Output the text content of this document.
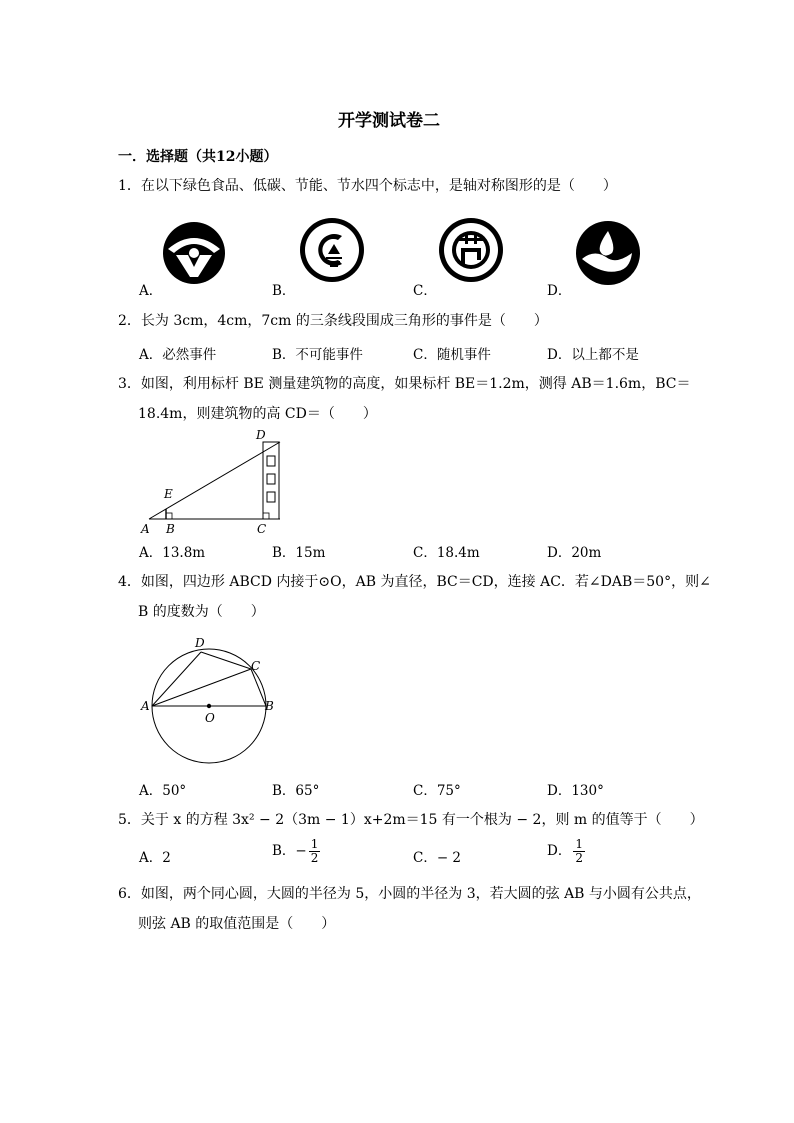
开学测试卷二
一．选择题（共12小题）
1．在以下绿色食品、低碳、节能、节水四个标志中，是轴对称图形的是（　　）
A．	B．	C．	D．
2．长为 3cm，4cm，7cm 的三条线段围成三角形的事件是（　　）
A．必然事件	B．不可能事件	C．随机事件	D．以上都不是
3．如图，利用标杆 BE 测量建筑物的高度，如果标杆 BE＝1.2m，测得 AB＝1.6m，BC＝
18.4m，则建筑物的高 CD＝（　　）
D
E
A B	C
A．13.8m	B．15m	C．18.4m	D．20m
4．如图，四边形 ABCD 内接于⊙O，AB 为直径，BC＝CD，连接 AC．若∠DAB＝50°，则∠
B 的度数为（　　）
D
C
A	B
O
A．50°	B．65°	C．75°	D．130°
5．关于 x 的方程 3x² − 2（3m − 1）x+2m＝15 有一个根为 − 2，则 m 的值等于（　　）
A．2	B．− $\frac{1}{2}$	C．− 2	D． $\frac{1}{2}$
6．如图，两个同心圆，大圆的半径为 5，小圆的半径为 3，若大圆的弦 AB 与小圆有公共点，
则弦 AB 的取值范围是（　　）
